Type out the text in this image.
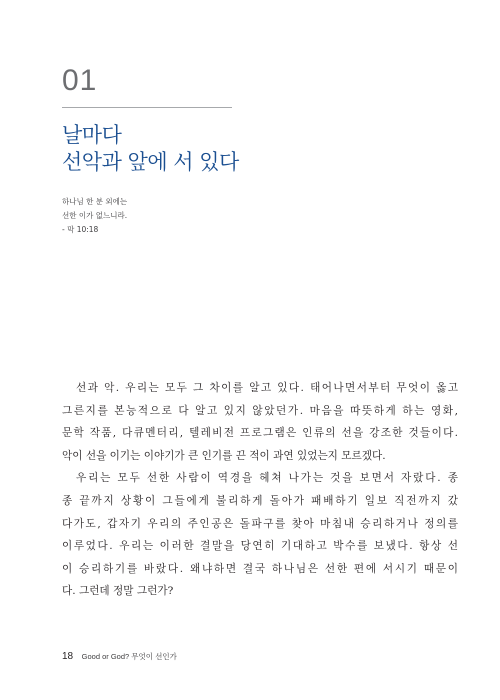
01
날마다
선악과 앞에 서 있다
하나님 한 분 외에는
선한 이가 없느니라.
- 막 10:18
선과 악. 우리는 모두 그 차이를 알고 있다. 태어나면서부터 무엇이 옳고
그른지를 본능적으로 다 알고 있지 않았던가. 마음을 따뜻하게 하는 영화,
문학 작품, 다큐멘터리, 텔레비전 프로그램은 인류의 선을 강조한 것들이다.
악이 선을 이기는 이야기가 큰 인기를 끈 적이 과연 있었는지 모르겠다.
우리는 모두 선한 사람이 역경을 헤쳐 나가는 것을 보면서 자랐다. 종
종 끝까지 상황이 그들에게 불리하게 돌아가 패배하기 일보 직전까지 갔
다가도, 갑자기 우리의 주인공은 돌파구를 찾아 마침내 승리하거나 정의를
이루었다. 우리는 이러한 결말을 당연히 기대하고 박수를 보냈다. 항상 선
이 승리하기를 바랐다. 왜냐하면 결국 하나님은 선한 편에 서시기 때문이
다. 그런데 정말 그런가?
18 Good or God? 무엇이 선인가
